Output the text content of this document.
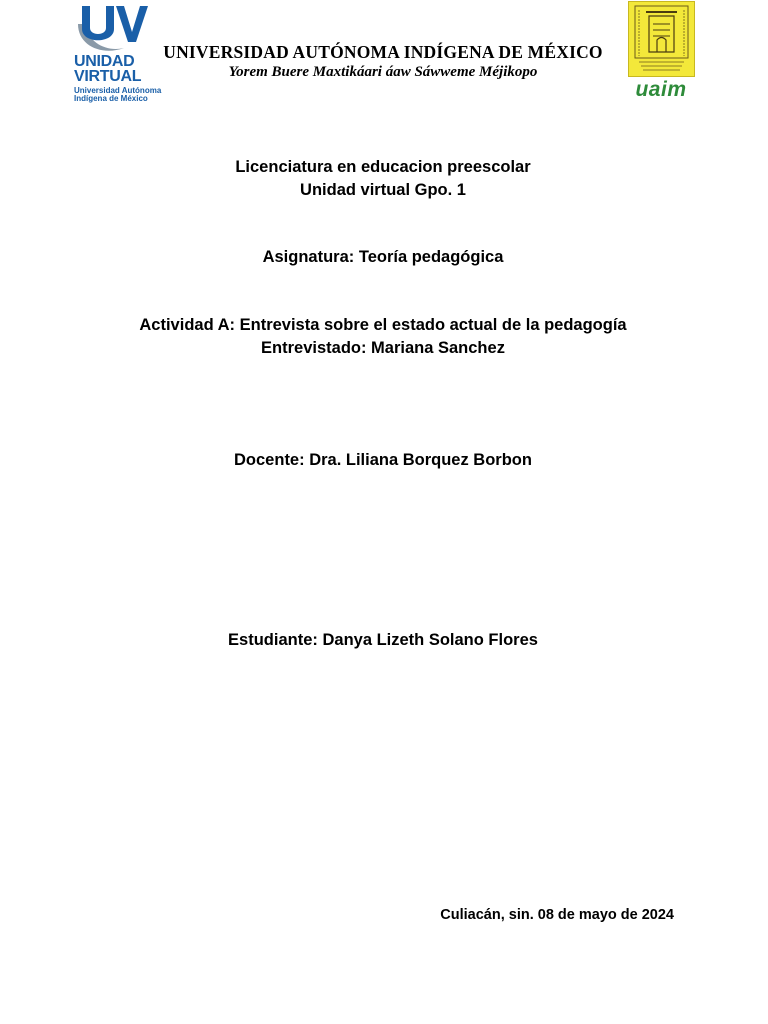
UNIDAD
VIRTUAL
Universidad Autónoma
Indígena de México
UNIVERSIDAD AUTÓNOMA INDÍGENA DE MÉXICO
Yorem Buere Maxtikáari áaw Sáwweme Méjikopo
uaim
Licenciatura en educacion preescolar
Unidad virtual Gpo. 1
Asignatura: Teoría pedagógica
Actividad A: Entrevista sobre el estado actual de la pedagogía
Entrevistado: Mariana Sanchez
Docente: Dra. Liliana Borquez Borbon
Estudiante: Danya Lizeth Solano Flores
Culiacán, sin. 08 de mayo de 2024
